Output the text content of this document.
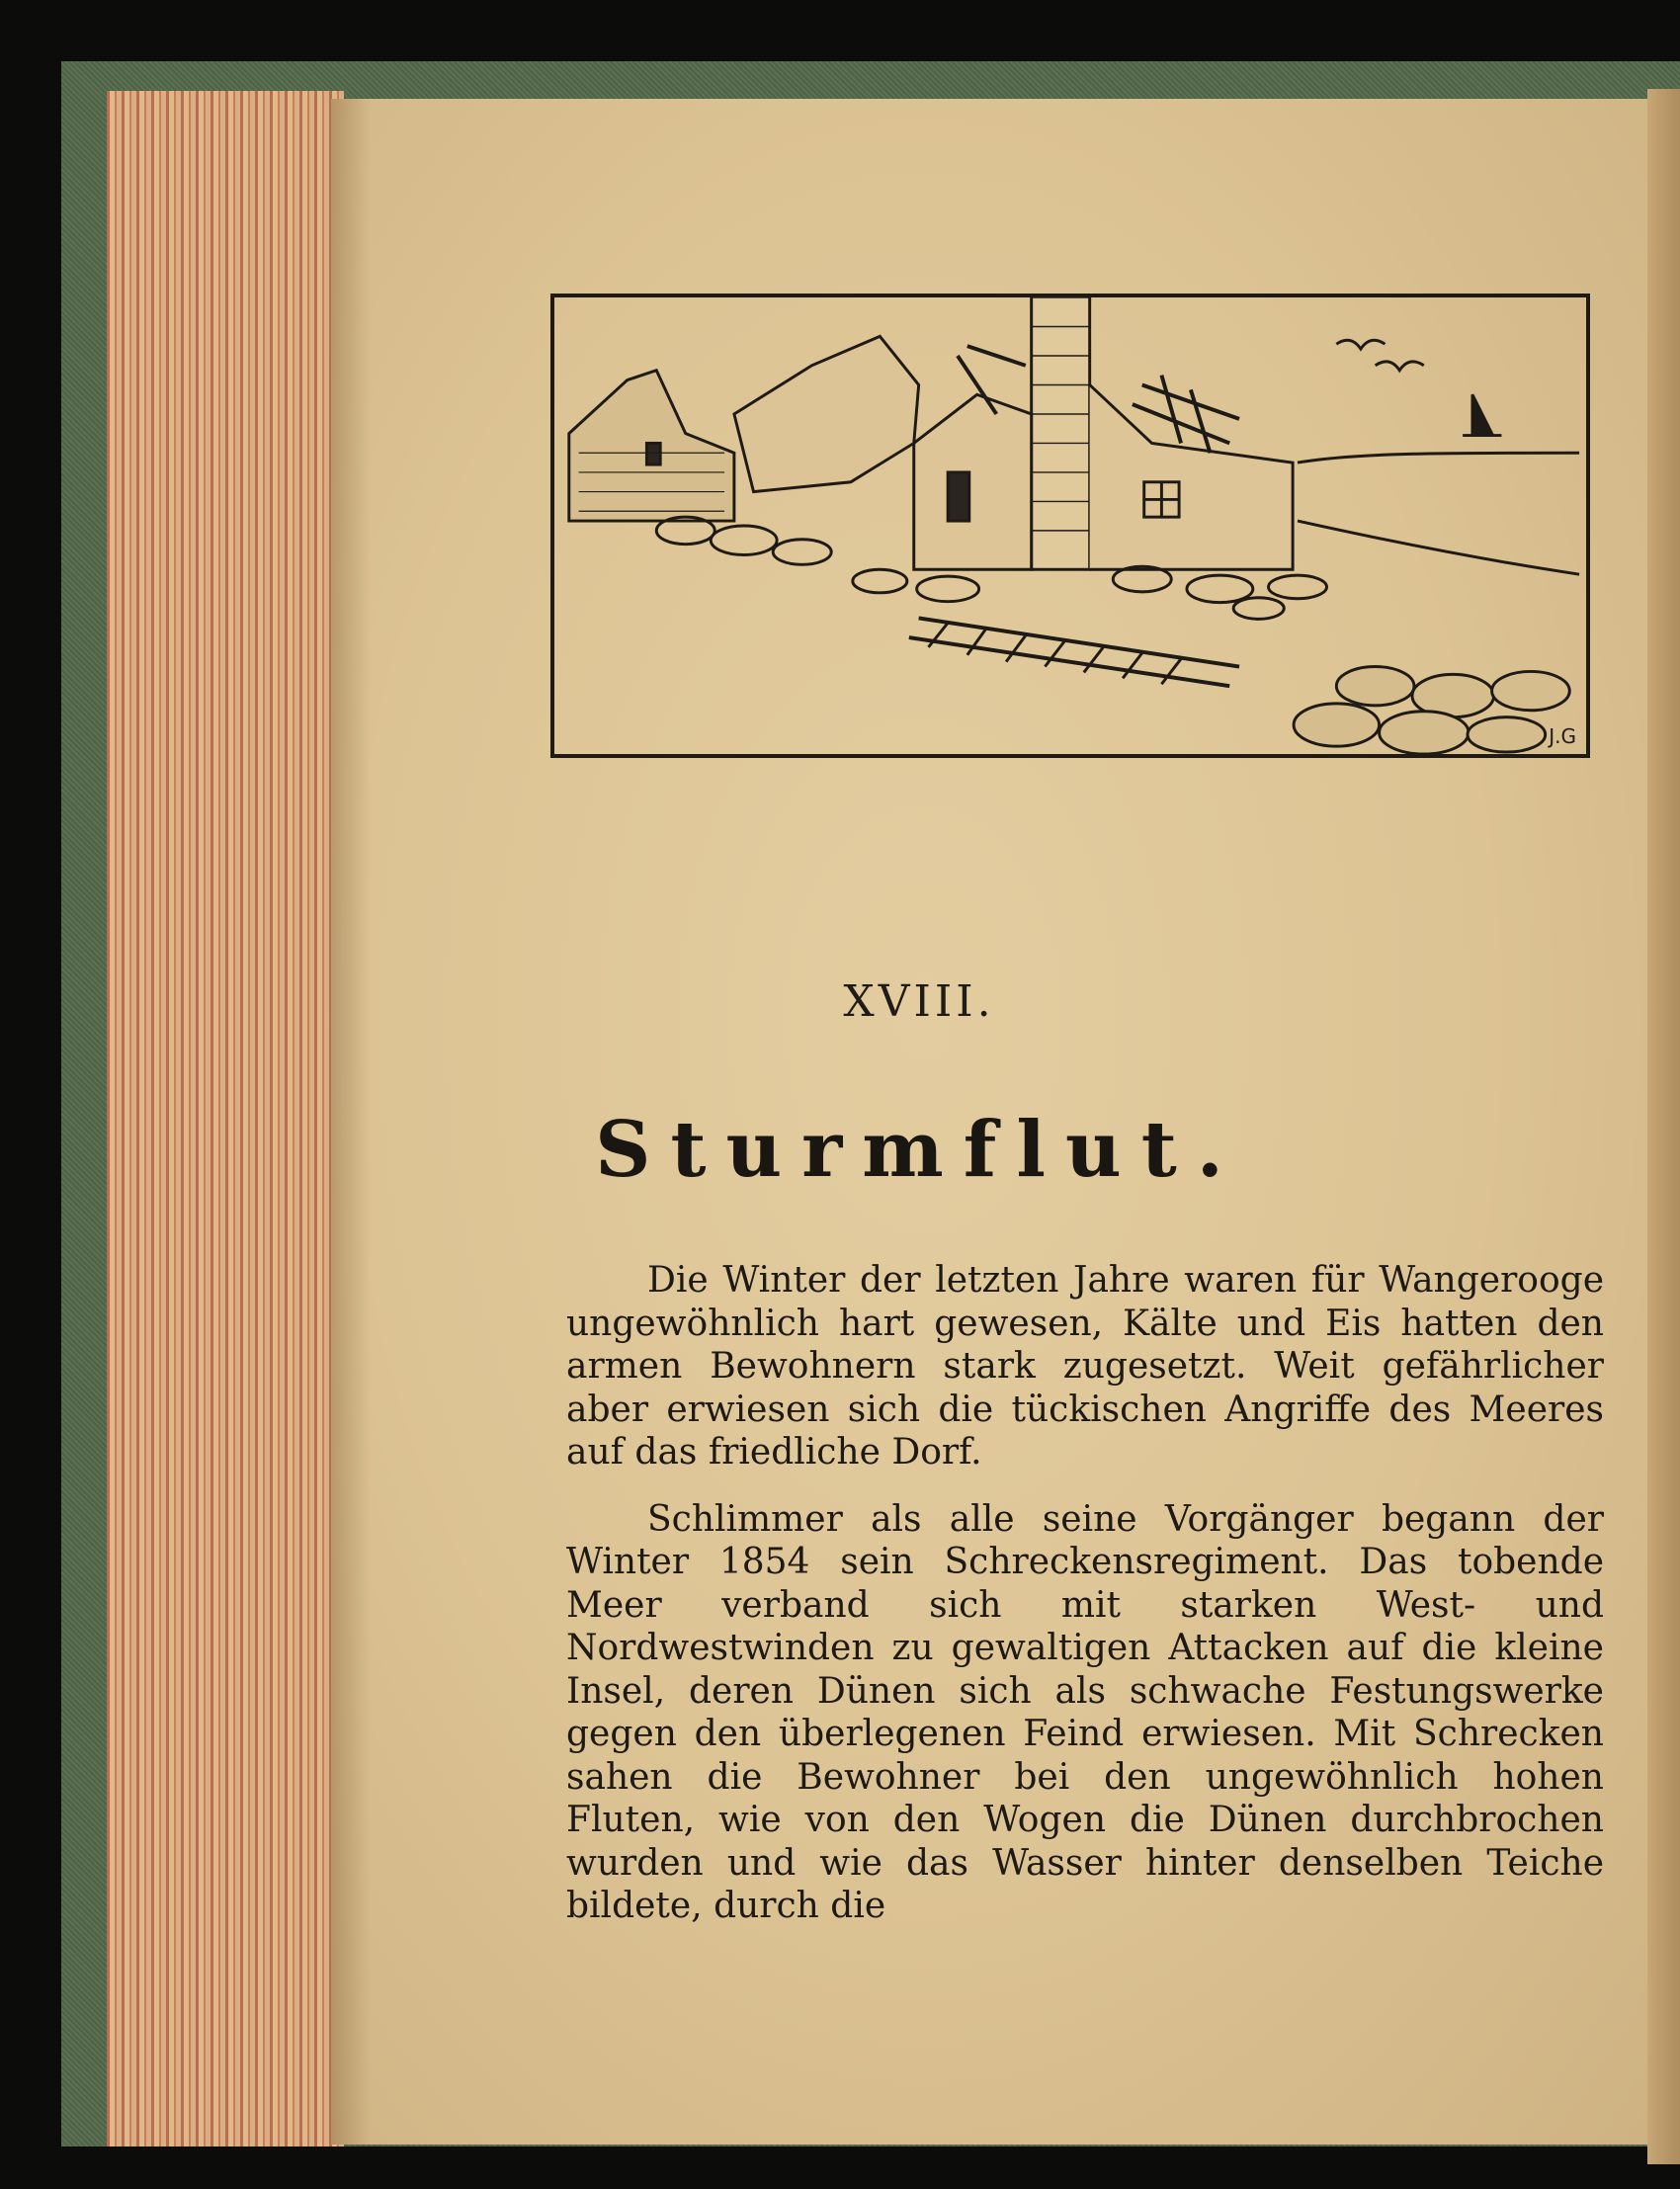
J.G
XVIII.
Sturmflut.

Die Winter der letzten Jahre waren für Wangerooge ungewöhnlich hart gewesen, Kälte und Eis hatten den armen Bewohnern stark zugesetzt. Weit gefährlicher aber erwiesen sich die tückischen Angriffe des Meeres auf das friedliche Dorf.

Schlimmer als alle seine Vorgänger begann der Winter 1854 sein Schreckensregiment. Das tobende Meer verband sich mit starken West- und Nordwestwinden zu gewaltigen Attacken auf die kleine Insel, deren Dünen sich als schwache Festungswerke gegen den überlegenen Feind erwiesen. Mit Schrecken sahen die Bewohner bei den ungewöhnlich hohen Fluten, wie von den Wogen die Dünen durchbrochen wurden und wie das Wasser hinter denselben Teiche bildete, durch die
